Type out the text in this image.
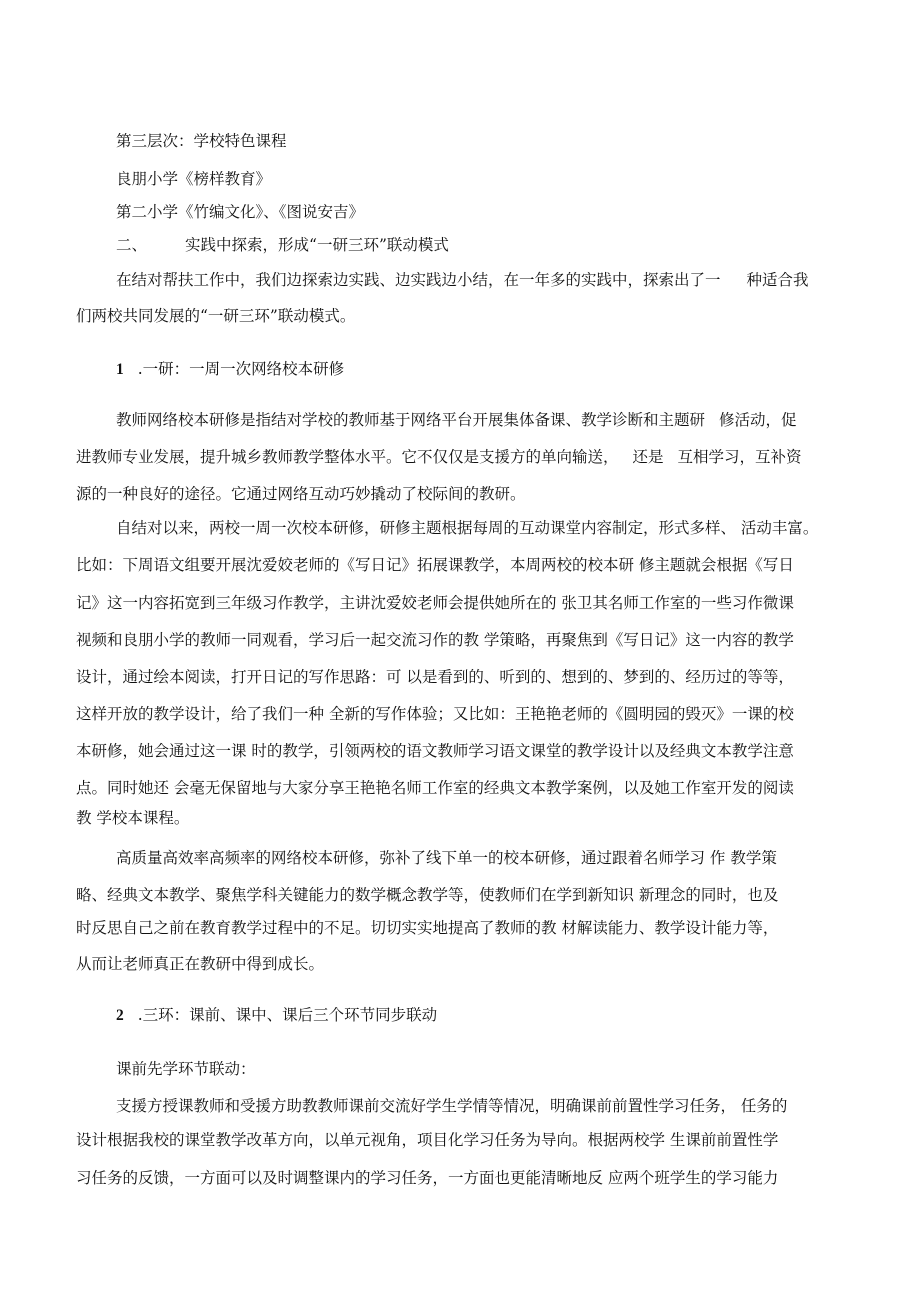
第三层次：学校特色课程

良朋小学《榜样教育》

第二小学《竹编文化》、《图说安吉》

二、 实践中探索，形成“一研三环”联动模式

在结对帮扶工作中，我们边探索边实践、边实践边小结，在一年多的实践中，探索出了一 种适合我

们两校共同发展的“一研三环”联动模式。

1 .一研：一周一次网络校本研修

教师网络校本研修是指结对学校的教师基于网络平台开展集体备课、教学诊断和主题研 修活动，促

进教师专业发展，提升城乡教师教学整体水平。它不仅仅是支援方的单向输送， 还是 互相学习，互补资

源的一种良好的途径。它通过网络互动巧妙撬动了校际间的教研。

自结对以来，两校一周一次校本研修，研修主题根据每周的互动课堂内容制定，形式多样、 活动丰富。

比如：下周语文组要开展沈爱姣老师的《写日记》拓展课教学，本周两校的校本研 修主题就会根据《写日

记》这一内容拓宽到三年级习作教学，主讲沈爱姣老师会提供她所在的 张卫其名师工作室的一些习作微课

视频和良朋小学的教师一同观看，学习后一起交流习作的教 学策略，再聚焦到《写日记》这一内容的教学

设计，通过绘本阅读，打开日记的写作思路：可 以是看到的、听到的、想到的、梦到的、经历过的等等，

这样开放的教学设计，给了我们一种 全新的写作体验；又比如：王艳艳老师的《圆明园的毁灭》一课的校

本研修，她会通过这一课 时的教学，引领两校的语文教师学习语文课堂的教学设计以及经典文本教学注意

点。同时她还 会毫无保留地与大家分享王艳艳名师工作室的经典文本教学案例，以及她工作室开发的阅读

教 学校本课程。

高质量高效率高频率的网络校本研修，弥补了线下单一的校本研修，通过跟着名师学习 作 教学策

略、经典文本教学、聚焦学科关键能力的数学概念教学等，使教师们在学到新知识 新理念的同时，也及

时反思自己之前在教育教学过程中的不足。切切实实地提高了教师的教 材解读能力、教学设计能力等，

从而让老师真正在教研中得到成长。

2 .三环：课前、课中、课后三个环节同步联动

课前先学环节联动：

支援方授课教师和受援方助教教师课前交流好学生学情等情况，明确课前前置性学习任务， 任务的

设计根据我校的课堂教学改革方向，以单元视角，项目化学习任务为导向。根据两校学 生课前前置性学

习任务的反馈，一方面可以及时调整课内的学习任务，一方面也更能清晰地反 应两个班学生的学习能力
